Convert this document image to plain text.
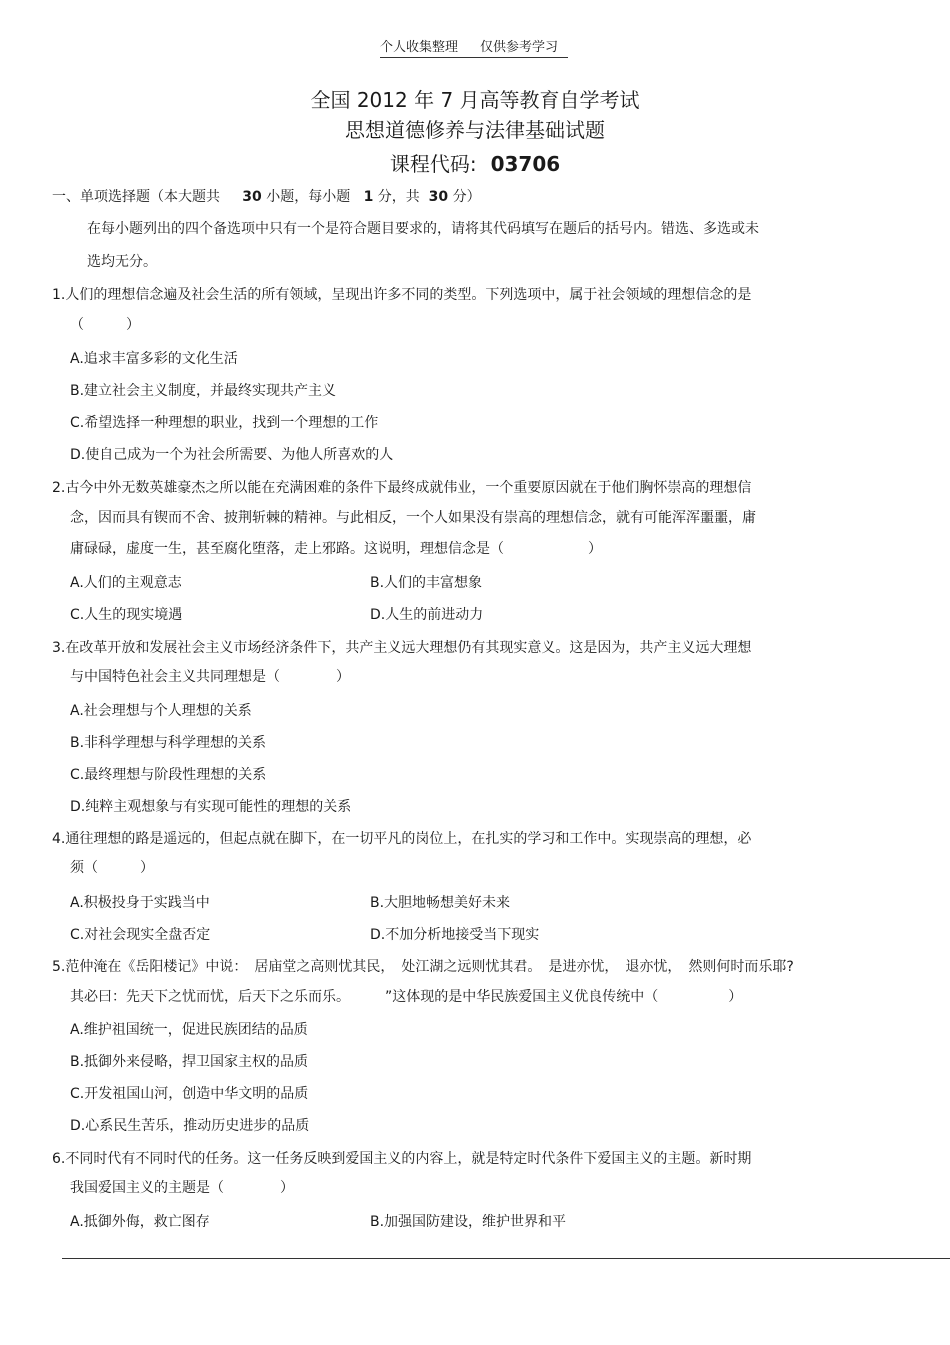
个人收集整理 仅供参考学习
全国 2012 年 7 月高等教育自学考试
思想道德修养与法律基础试题
课程代码: 03706
一、单项选择题（本大题共 30 小题，每小题 1 分，共 30 分）
在每小题列出的四个备选项中只有一个是符合题目要求的，请将其代码填写在题后的括号内。错选、多选或未
选均无分。
1.人们的理想信念遍及社会生活的所有领域，呈现出许多不同的类型。下列选项中，属于社会领域的理想信念的是
（　　　）
A.追求丰富多彩的文化生活
B.建立社会主义制度，并最终实现共产主义
C.希望选择一种理想的职业，找到一个理想的工作
D.使自己成为一个为社会所需要、为他人所喜欢的人
2.古今中外无数英雄豪杰之所以能在充满困难的条件下最终成就伟业，一个重要原因就在于他们胸怀崇高的理想信
念，因而具有锲而不舍、披荆斩棘的精神。与此相反，一个人如果没有崇高的理想信念，就有可能浑浑噩噩，庸
庸碌碌，虚度一生，甚至腐化堕落，走上邪路。这说明，理想信念是（　　　　　　）
A.人们的主观意志	B.人们的丰富想象
C.人生的现实境遇	D.人生的前进动力
3.在改革开放和发展社会主义市场经济条件下，共产主义远大理想仍有其现实意义。这是因为，共产主义远大理想
与中国特色社会主义共同理想是（　　　　）
A.社会理想与个人理想的关系
B.非科学理想与科学理想的关系
C.最终理想与阶段性理想的关系
D.纯粹主观想象与有实现可能性的理想的关系
4.通往理想的路是遥远的，但起点就在脚下，在一切平凡的岗位上，在扎实的学习和工作中。实现崇高的理想，必
须（　　　）
A.积极投身于实践当中	B.大胆地畅想美好未来
C.对社会现实全盘否定	D.不加分析地接受当下现实
5.范仲淹在《岳阳楼记》中说：　居庙堂之高则忧其民，　处江湖之远则忧其君。　是进亦忧，　退亦忧，　然则何时而乐耶?
其必曰：先天下之忧而忧，后天下之乐而乐。　　　”这体现的是中华民族爱国主义优良传统中（　　　　　）
A.维护祖国统一，促进民族团结的品质
B.抵御外来侵略，捍卫国家主权的品质
C.开发祖国山河，创造中华文明的品质
D.心系民生苦乐，推动历史进步的品质
6.不同时代有不同时代的任务。这一任务反映到爱国主义的内容上，就是特定时代条件下爱国主义的主题。新时期
我国爱国主义的主题是（　　　　）
A.抵御外侮，救亡图存	B.加强国防建设，维护世界和平
